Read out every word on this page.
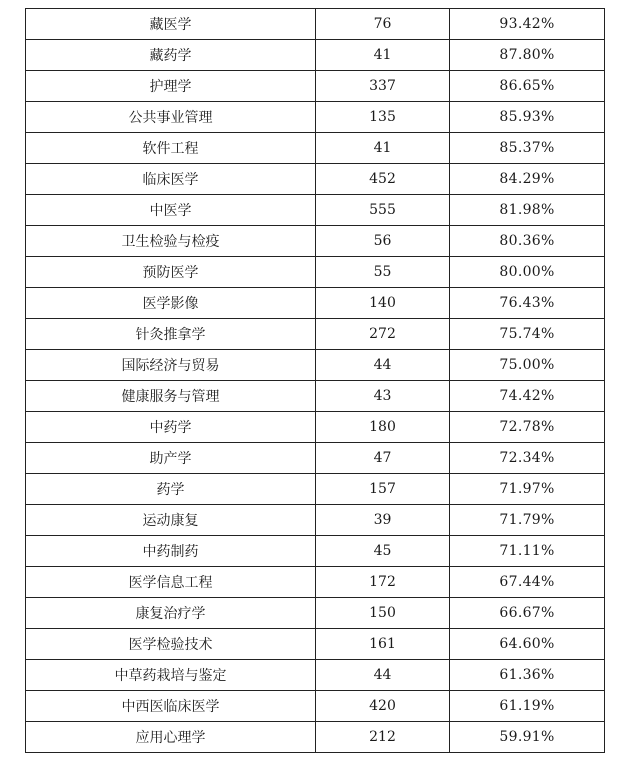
藏医学	76	93.42%
藏药学	41	87.80%
护理学	337	86.65%
公共事业管理	135	85.93%
软件工程	41	85.37%
临床医学	452	84.29%
中医学	555	81.98%
卫生检验与检疫	56	80.36%
预防医学	55	80.00%
医学影像	140	76.43%
针灸推拿学	272	75.74%
国际经济与贸易	44	75.00%
健康服务与管理	43	74.42%
中药学	180	72.78%
助产学	47	72.34%
药学	157	71.97%
运动康复	39	71.79%
中药制药	45	71.11%
医学信息工程	172	67.44%
康复治疗学	150	66.67%
医学检验技术	161	64.60%
中草药栽培与鉴定	44	61.36%
中西医临床医学	420	61.19%
应用心理学	212	59.91%
